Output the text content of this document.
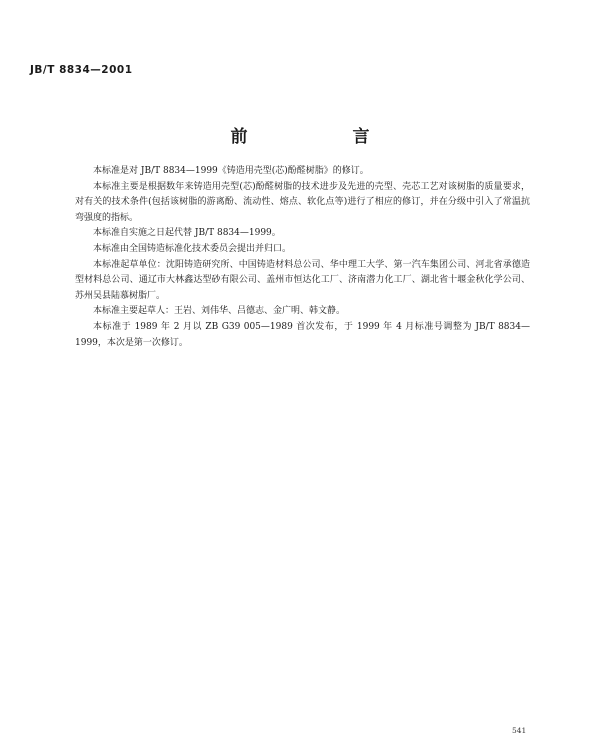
JB/T 8834—2001
前　言

本标准是对 JB/T 8834—1999《铸造用壳型(芯)酚醛树脂》的修订。

本标准主要是根据数年来铸造用壳型(芯)酚醛树脂的技术进步及先进的壳型、壳芯工艺对该树脂的质量要求，对有关的技术条件(包括该树脂的游离酚、流动性、熔点、软化点等)进行了相应的修订，并在分级中引入了常温抗弯强度的指标。

本标准自实施之日起代替 JB/T 8834—1999。

本标准由全国铸造标准化技术委员会提出并归口。

本标准起草单位：沈阳铸造研究所、中国铸造材料总公司、华中理工大学、第一汽车集团公司、河北省承德造型材料总公司、通辽市大林鑫达型砂有限公司、盖州市恒达化工厂、济南潜力化工厂、湖北省十堰金秋化学公司、苏州吴县陆慕树脂厂。

本标准主要起草人：王岩、刘伟华、吕德志、金广明、韩文静。

本标准于 1989 年 2 月以 ZB G39 005—1989 首次发布，于 1999 年 4 月标准号调整为 JB/T 8834—1999，本次是第一次修订。

541
